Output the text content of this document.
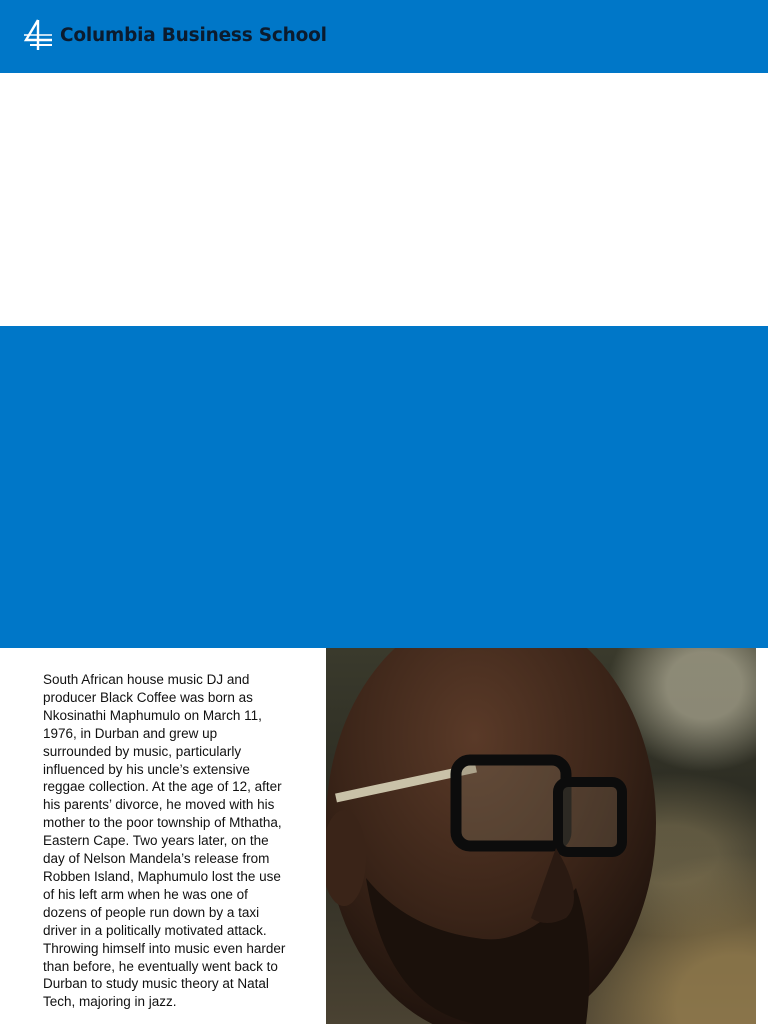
Columbia Business School

South African house music DJ and producer Black Coffee was born as Nkosinathi Maphumulo on March 11, 1976, in Durban and grew up surrounded by music, particularly influenced by his uncle’s extensive reggae collection. At the age of 12, after his parents’ divorce, he moved with his mother to the poor township of Mthatha, Eastern Cape. Two years later, on the day of Nelson Mandela’s release from Robben Island, Maphumulo lost the use of his left arm when he was one of dozens of people run down by a taxi driver in a politically motivated attack. Throwing himself into music even harder than before, he eventually went back to Durban to study music theory at Natal Tech, majoring in jazz.
